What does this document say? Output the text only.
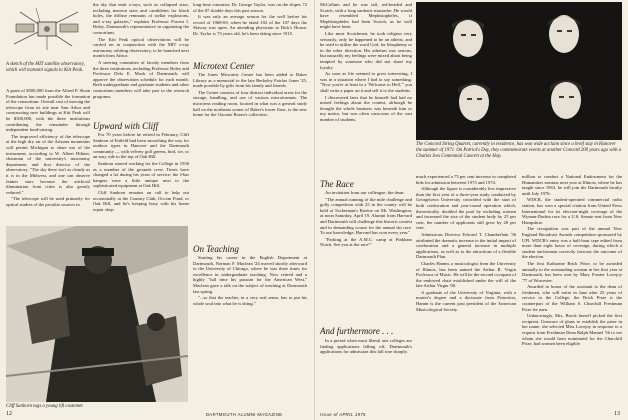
A sketch of the MIT satellite observatory, which will transmit signals to Kitt Peak.

A grant of $500,000 from the Alfred P. Sloan Foundation has made possible the formation of the consortium. Overall cost of moving the telescope from its site near Ann Arbor and constructing new buildings at Kitt Peak will be $300,000, with the three institutions contributing the remainder through independent fund-raising.

The improved efficiency of the telescope at the high dry air of the Arizona mountains will permit Michigan to share use of the instrument, according to W. Albert Hiltner, chairman of the university's astronomy department and first director of the observatory. "The sky there isn't as cloudy as it is in the Midwest, and one can observe fainter stars because the artificial illumination from cities is also greatly reduced."

"The telescope will be used primarily for optical studies of the peculiar sources in

the sky that emit x-rays, such as collapsed stars, including neutron stars and candidates for black holes, the diffuse remnants of stellar explosions, and x-ray galaxies," explains Professor Forrest I. Boley, Dartmouth's representative in organizing the consortium.

The Kitt Peak optical observations will be carried on in conjunction with the MIT x-ray astronomy orbiting observatory, to be launched next month from Africa.

A steering committee of faculty members from the three institutions, including Professor Boley and Professor Delo E. Mook of Dartmouth, will approve the observation schedule for each month. Both undergraduate and graduate students and other consortium members will take part in the research programs.

Upward with Cliff

For 70 years before he retired in February, Cliff Sanborn of Enfield had been smoothing the way for outdoor types in Hanover and the Dartmouth community — with velvety golf greens, bird, ice, or an easy ride to the top of Oak Hill.

Sanborn started working for the College in 1936 as a member of the grounds crew. Times have changed a lot during his years of service: the J-bar hangers were a little antique next to the sophisticated equipment at Oak Hill.

Cliff Sanborn remains on call to help out occasionally at the Country Club, Occom Pond, or Oak Hill, and he's keeping busy with his home repair shop.

long-time customer, Dr. George Taylor, was on the slopes 72 of the 87 skiable days this past season.

It was only an average season for the well before his record of 1968-69, when he skied 102 of the 107 days the Skiway was open. An attending physician at Dick's House, Dr. Taylor is 73 years old, he's been skiing since 1915.

Microtext Center

The Jones Microtext Center has been added to Baker Library as a memorial to the late Berkeley Fairfax Jones '25, made possible by gifts from his family and friends.

The Center consists of four distinct individual areas for the storage, handling, and use of various microformats. The microtext reading room, located in what was a general study hall on the northeast corner of Baker's lower floor, is the new home for the Ooorate Room's collection.

On Teaching

Starting his career in the English Department at Dartmouth, Norman F. Maclean '24 moved shortly afterward to the University of Chicago, where he was three times for excellence in undergraduate teaching. Now retired and a highly "full time his passion for the American West," Maclean gave a talk on the subject of teaching at Dartmouth last spring.

"...so that the teacher, in a very real sense, has to put his whole soul into what he is doing."

Cliff Sanborn tugs a young lift customer.
12	DARTMOUTH ALUMNI MAGAZINE

McCallum and he was tall, red-headed and Scotch, with a long sardonic mustache. He would have resembled Mephistopheles, if Mephistopheles had been Scotch, as he well might have been.

Like most Scotchmen, he took religion very seriously, only he happened to be an atheist, and he used to utilize the word God, for blasphemy or in the other direction. His atheism was serious, but naturally my feelings were mixed about being tempted by someone who did not share my loyalty.

As soon as life seemed to grow interesting, I was in a situation where I had to say something. "Now you're at least in a 'Welcome to Hell,'" you shall write a paper on it and sell it to the students.

I discovered later that he himself had had no mixed feelings about the contest, although he thought the whole business was beneath him or my notice, but was often conscious of the vast number of students.

The Race

An invitation from our colleague, the dean:

"The annual running of the mile challenge and golly competition with 25 in the county will be held at Tuckerman's Ravine on Mt. Washington, at noon Saturday, April 19. Alumni from Harvard and Dartmouth will challenge this historic contest and in demanding course for the annual ski race. To our knowledge, Harvard has won every year."

"Parking at the A.M.C. camp at Pinkham Notch. See you at the race!"

And furthermore . . .

In a period when most liberal arts colleges are finding applications falling off, Dartmouth's applications for admission this fall rose sharply.

Issue of APRIL 1975
The Concord String Quartet, currently in residence, has won wide acclaim since a brief stay in Hanover the summer of 1971. On Patriot's Day, they commemorate events at another Concord 200 years ago with a Charles Ives Centennial Concert at the Hop.

much experienced a 75 per cent increase in completed bids for admission between 1973 and 1974.

Although the figure is considerably less impressive than the first year of a three-year study conducted by Georgetown University coincided with the start of both coeducation and year-round operation which, theoretically, doubled the pool by including women and increased the size of the student body by 25 per cent, the number of applicants still grew by 28 per cent.

Admissions Director Edward T. Chamberlain '36 attributed the dramatic increase to the initial impact of coeducation and a general increase in multiple applications, as well as to the attractions of a flexible Dartmouth Plan.

Charles Hamm, a musicologist from the University of Illinois, has been named the Arthur R. Virgin Professor of Music. He will be the second occupant of the endowed chair established under the will of the late Arthur Virgin '00.

A graduate of the University of Virginia, with a master's degree and a doctorate from Princeton, Hamm is the current past president of the American Musicological Society.

million to conduct a National Endowment for the Humanities seminar next year at Illinois, where he has taught since 1963, he will join the Dartmouth faculty until July 1976.

WDCR, the student-operated commercial radio station, has won a special citation from United Press International for its election-night coverage of the Wyman-Durkin race for a U.S. Senate seat from New Hampshire.

The recognition was part of the annual New England Broadcast Awards competition sponsored by UPI. WDCR's entry was a half-hour tape edited from more than eight hours of coverage, during which a student anchorman correctly forecast the outcome of the election.

The first Katharine Brick Prize, to be awarded annually to the outstanding woman in her first year at Dartmouth, has been won by Mary Frasier Lovejoy '77 of Worcester.

Awarded in honor of the assistant to the dean of freshmen, who will retire in June after 25 years of service to the College, the Brick Prize is the counterpart of the William S. Churchill Freshman Prize for men.

Unknowingly, Mrs. Brock herself picked the first recipient. Unaware of plans to establish the prize in her name, she selected Miss Lovejoy in response to a request from Freshman Dean Ralph Manuel '56 to see whom she would have nominated for the Churchill Prize, had women been eligible.

13
